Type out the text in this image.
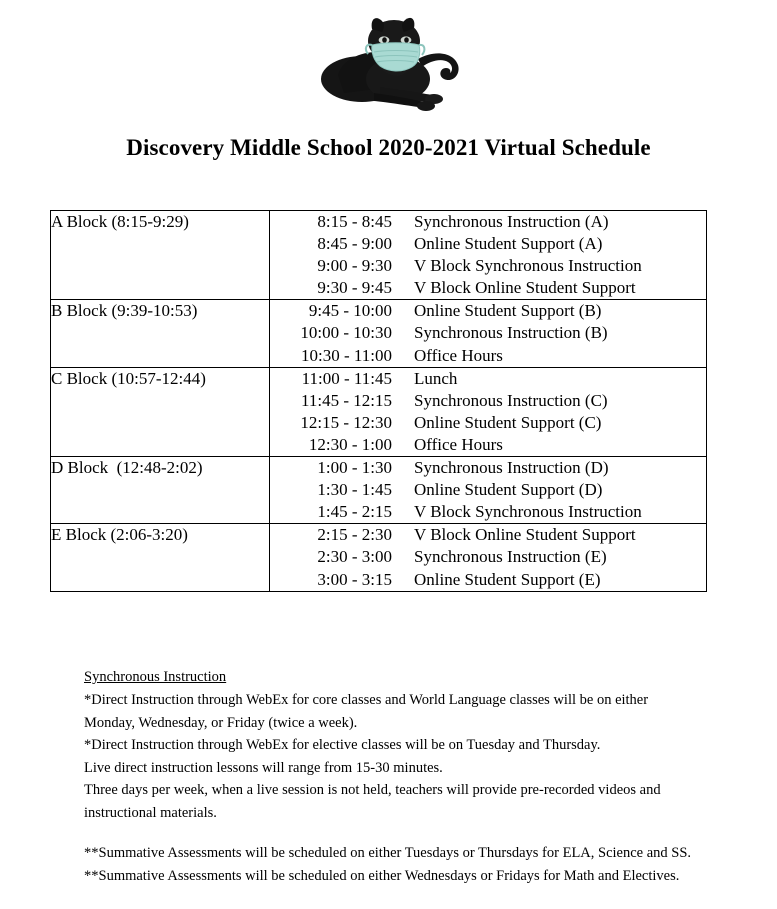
Discovery Middle School 2020-2021 Virtual Schedule
A Block (8:15-9:29)	8:15 - 8:45	Synchronous Instruction (A)
8:45 - 9:00	Online Student Support (A)
9:00 - 9:30	V Block Synchronous Instruction
9:30 - 9:45	V Block Online Student Support

B Block (9:39-10:53)	9:45 - 10:00	Online Student Support (B)
10:00 - 10:30	Synchronous Instruction (B)
10:30 - 11:00	Office Hours

C Block (10:57-12:44)	11:00 - 11:45	Lunch
11:45 - 12:15	Synchronous Instruction (C)
12:15 - 12:30	Online Student Support (C)
12:30 - 1:00	Office Hours

D Block  (12:48-2:02)	1:00 - 1:30	Synchronous Instruction (D)
1:30 - 1:45	Online Student Support (D)
1:45 - 2:15	V Block Synchronous Instruction

E Block (2:06-3:20)	2:15 - 2:30	V Block Online Student Support
2:30 - 3:00	Synchronous Instruction (E)
3:00 - 3:15	Online Student Support (E)
Synchronous Instruction
*Direct Instruction through WebEx for core classes and World Language classes will be on either
Monday, Wednesday, or Friday (twice a week).
*Direct Instruction through WebEx for elective classes will be on Tuesday and Thursday.
Live direct instruction lessons will range from 15-30 minutes.
Three days per week, when a live session is not held, teachers will provide pre-recorded videos and
instructional materials.
**Summative Assessments will be scheduled on either Tuesdays or Thursdays for ELA, Science and SS.
**Summative Assessments will be scheduled on either Wednesdays or Fridays for Math and Electives.
